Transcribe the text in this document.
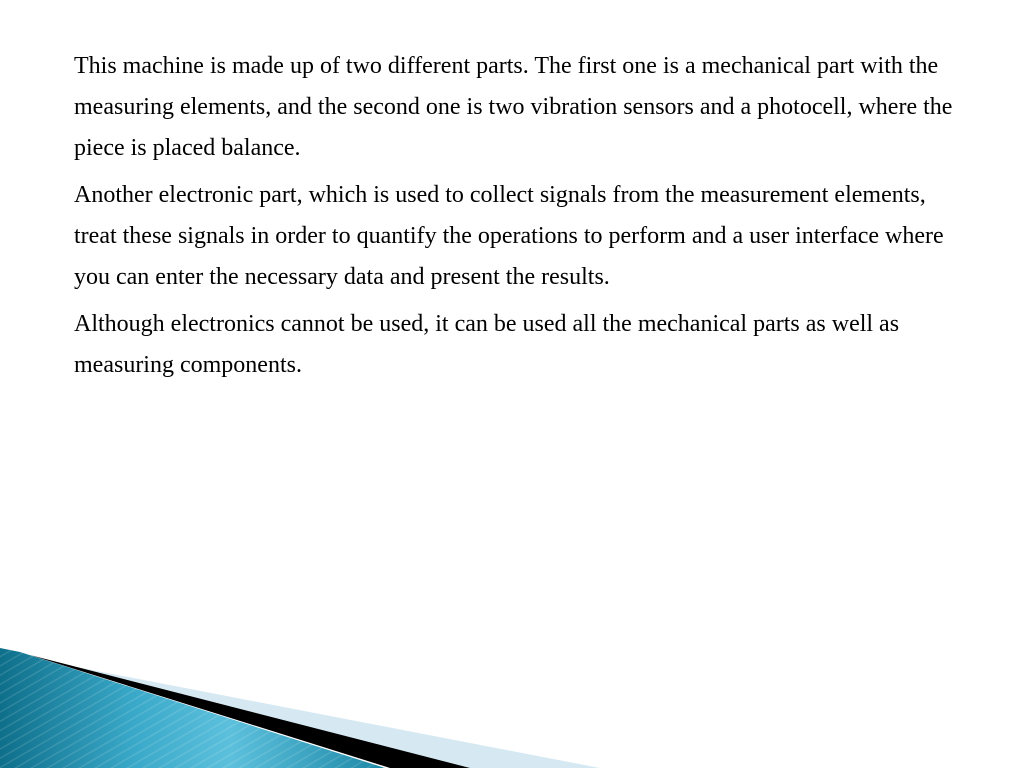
This machine is made up of two different parts. The first one is a mechanical part with the measuring elements, and the second one is two vibration sensors and a photocell, where the piece is placed balance.

Another electronic part, which is used to collect signals from the measurement elements, treat these signals in order to quantify the operations to perform and a user interface where you can enter the necessary data and present the results.

Although electronics cannot be used, it can be used all the mechanical parts as well as measuring components.
